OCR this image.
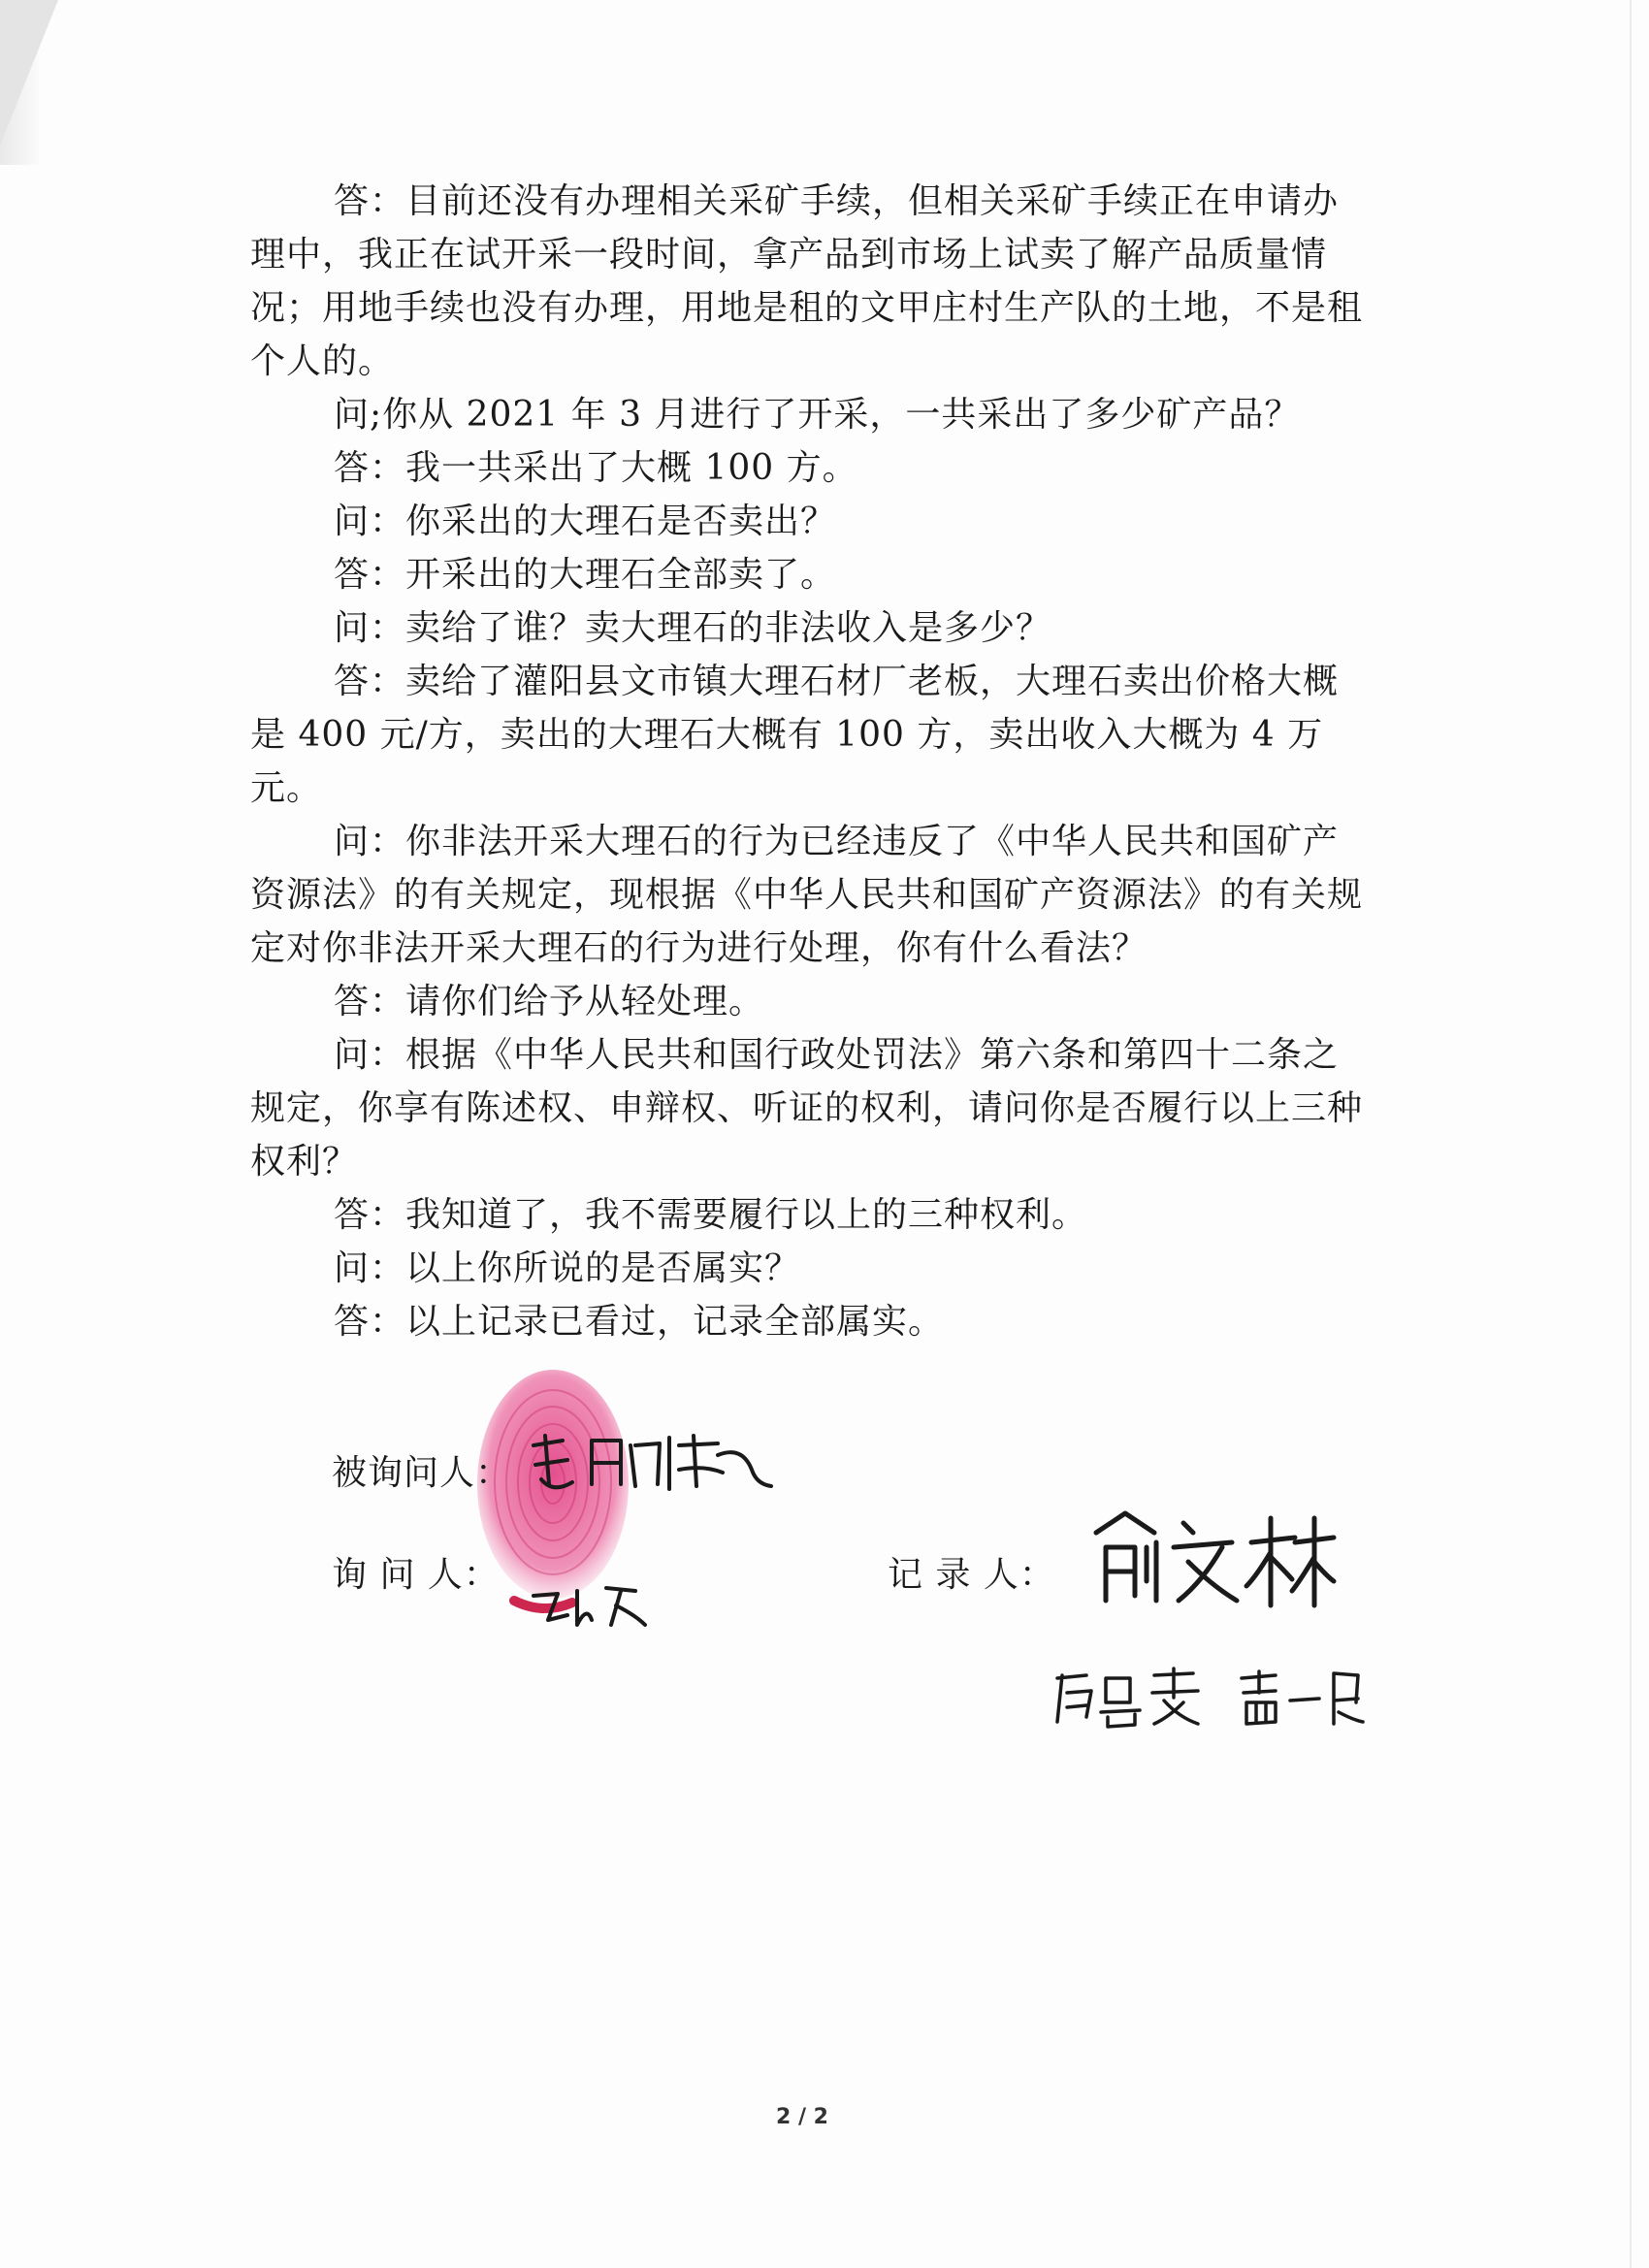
答：目前还没有办理相关采矿手续，但相关采矿手续正在申请办理中，我正在试开采一段时间，拿产品到市场上试卖了解产品质量情况；用地手续也没有办理，用地是租的文甲庄村生产队的土地，不是租个人的。

问;你从 2021 年 3 月进行了开采，一共采出了多少矿产品？

答：我一共采出了大概 100 方。

问：你采出的大理石是否卖出？

答：开采出的大理石全部卖了。

问：卖给了谁？卖大理石的非法收入是多少？

答：卖给了灌阳县文市镇大理石材厂老板，大理石卖出价格大概是 400 元/方，卖出的大理石大概有 100 方，卖出收入大概为 4 万元。

问：你非法开采大理石的行为已经违反了《中华人民共和国矿产资源法》的有关规定，现根据《中华人民共和国矿产资源法》的有关规定对你非法开采大理石的行为进行处理，你有什么看法？

答：请你们给予从轻处理。

问：根据《中华人民共和国行政处罚法》第六条和第四十二条之规定，你享有陈述权、申辩权、听证的权利，请问你是否履行以上三种权利？

答：我知道了，我不需要履行以上的三种权利。

问：以上你所说的是否属实？

答：以上记录已看过，记录全部属实。

被询问人：
询 问 人：	记 录 人：
2 / 2
